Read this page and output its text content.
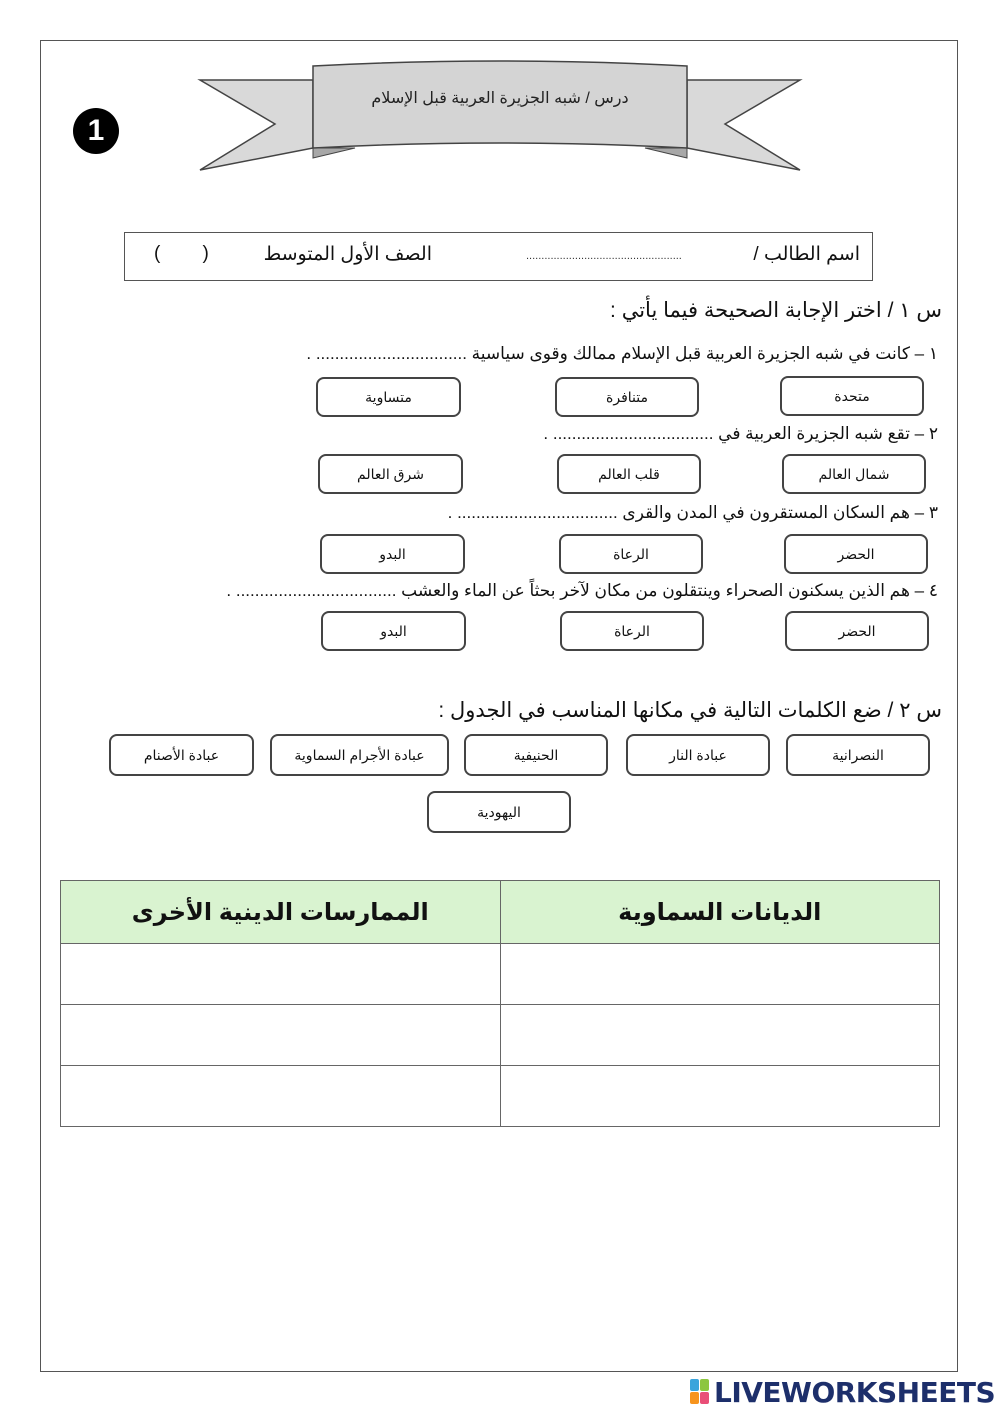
درس / شبه الجزيرة العربية قبل الإسلام
1
اسم الطالب /
...................................................
الصف الأول المتوسط
(        )
س ١ / اختر الإجابة الصحيحة فيما يأتي :
١ – كانت في شبه الجزيرة العربية قبل الإسلام ممالك وقوى سياسية ................................ .
متحدة
متنافرة
متساوية
٢ – تقع شبه الجزيرة العربية في .................................. .
شمال العالم
قلب العالم
شرق العالم
٣ – هم السكان المستقرون في المدن والقرى .................................. .
الحضر
الرعاة
البدو
٤ – هم الذين يسكنون الصحراء وينتقلون من مكان لآخر بحثاً عن الماء والعشب .................................. .
الحضر
الرعاة
البدو
س ٢ / ضع الكلمات التالية في مكانها المناسب في الجدول :
النصرانية
عبادة النار
الحنيفية
عبادة الأجرام السماوية
عبادة الأصنام
اليهودية
الديانات السماوية	الممارسات الدينية الأخرى

LIVEWORKSHEETS
